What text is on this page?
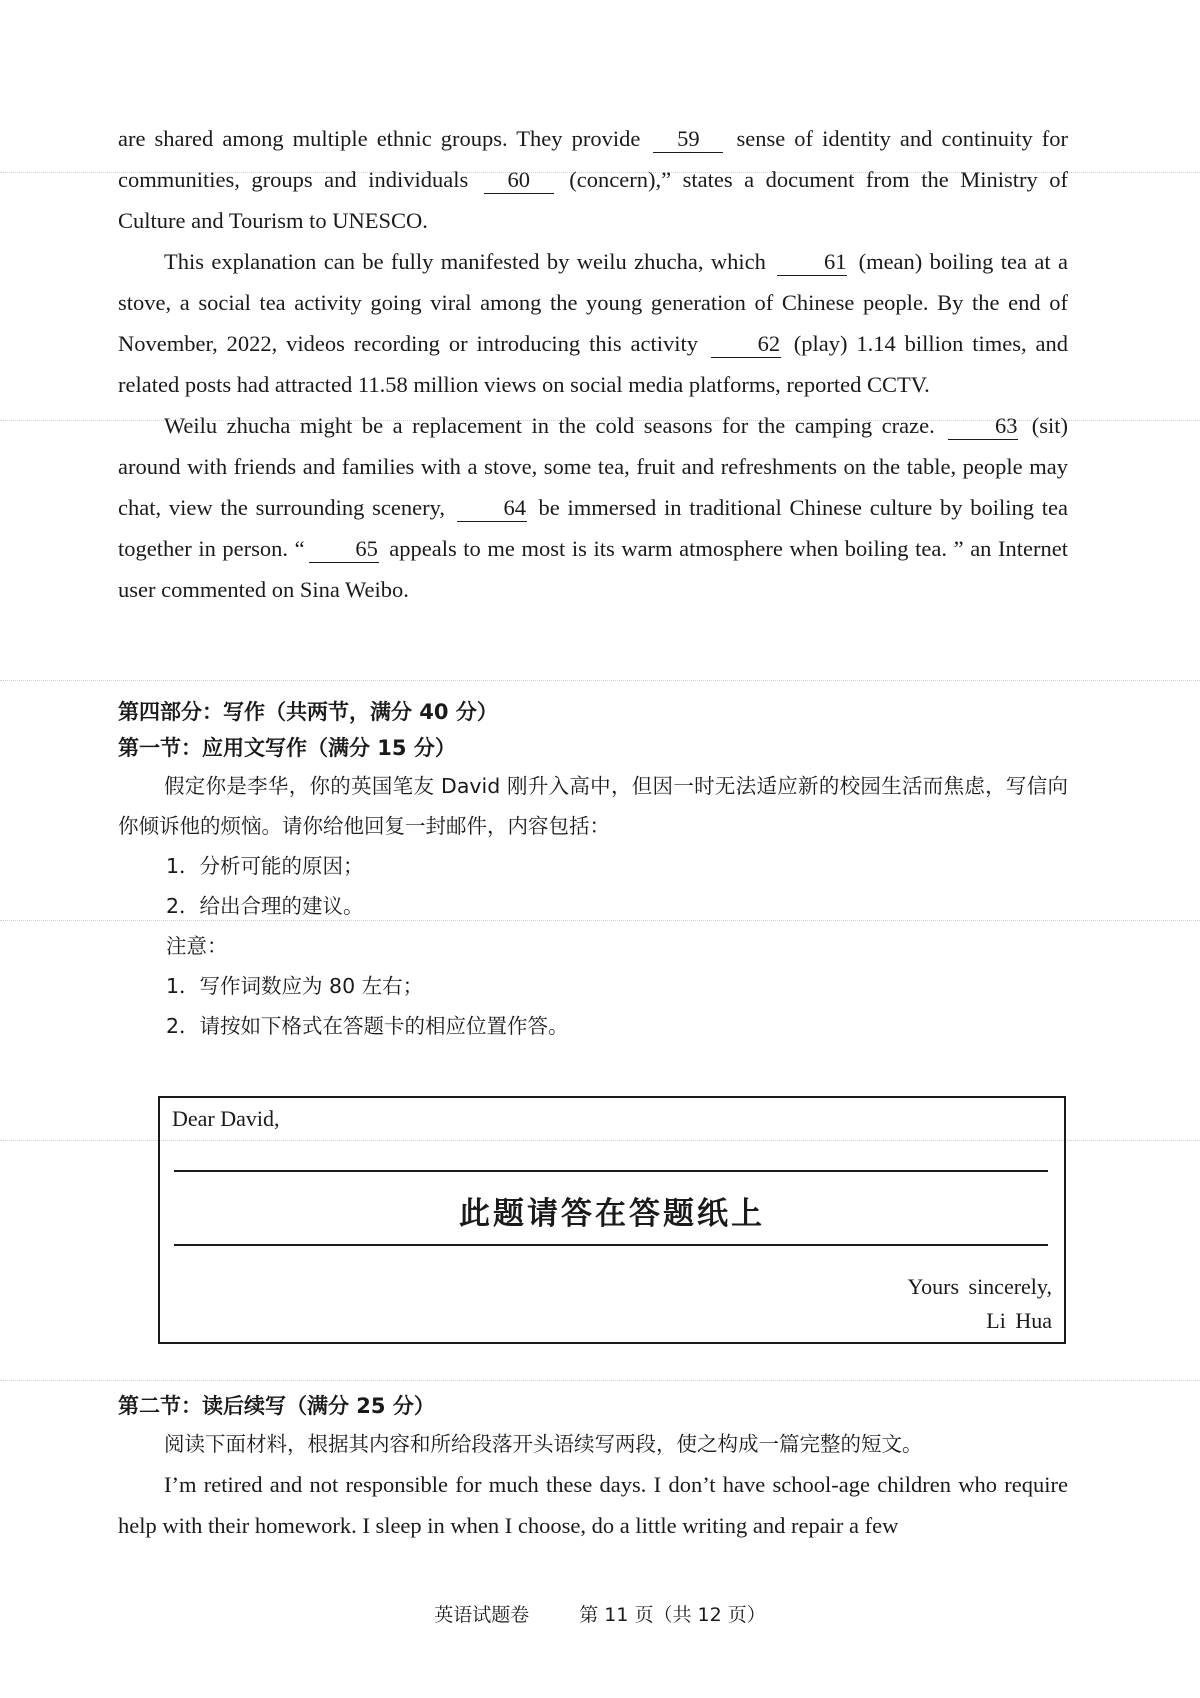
are shared among multiple ethnic groups. They provide 59 sense of identity and continuity for communities, groups and individuals 60 (concern),” states a document from the Ministry of Culture and Tourism to UNESCO.

This explanation can be fully manifested by weilu zhucha, which	61 (mean) boiling tea at a stove, a social tea activity going viral among the young generation of Chinese people. By the end of November, 2022, videos recording or introducing this activity	62 (play) 1.14 billion times, and related posts had attracted 11.58 million views on social media platforms, reported CCTV.

Weilu zhucha might be a replacement in the cold seasons for the camping craze.	63 (sit) around with friends and families with a stove, some tea, fruit and refreshments on the table, people may chat, view the surrounding scenery,	64 be immersed in traditional Chinese culture by boiling tea together in person. “ 65 appeals to me most is its warm atmosphere when boiling tea. ” an Internet user commented on Sina Weibo.

第四部分：写作（共两节，满分 40 分）

第一节：应用文写作（满分 15 分）

假定你是李华，你的英国笔友 David 刚升入高中，但因一时无法适应新的校园生活而焦虑，写信向你倾诉他的烦恼。请你给他回复一封邮件，内容包括：

1．分析可能的原因；

2．给出合理的建议。

注意：

1．写作词数应为 80 左右；

2．请按如下格式在答题卡的相应位置作答。

Dear David,
此题请答在答题纸上
Yours sincerely,
Li Hua

第二节：读后续写（满分 25 分）

阅读下面材料，根据其内容和所给段落开头语续写两段，使之构成一篇完整的短文。

I’m retired and not responsible for much these days. I don’t have school-age children who require help with their homework. I sleep in when I choose, do a little writing and repair a few

英语试题卷	第 11 页（共 12 页）
